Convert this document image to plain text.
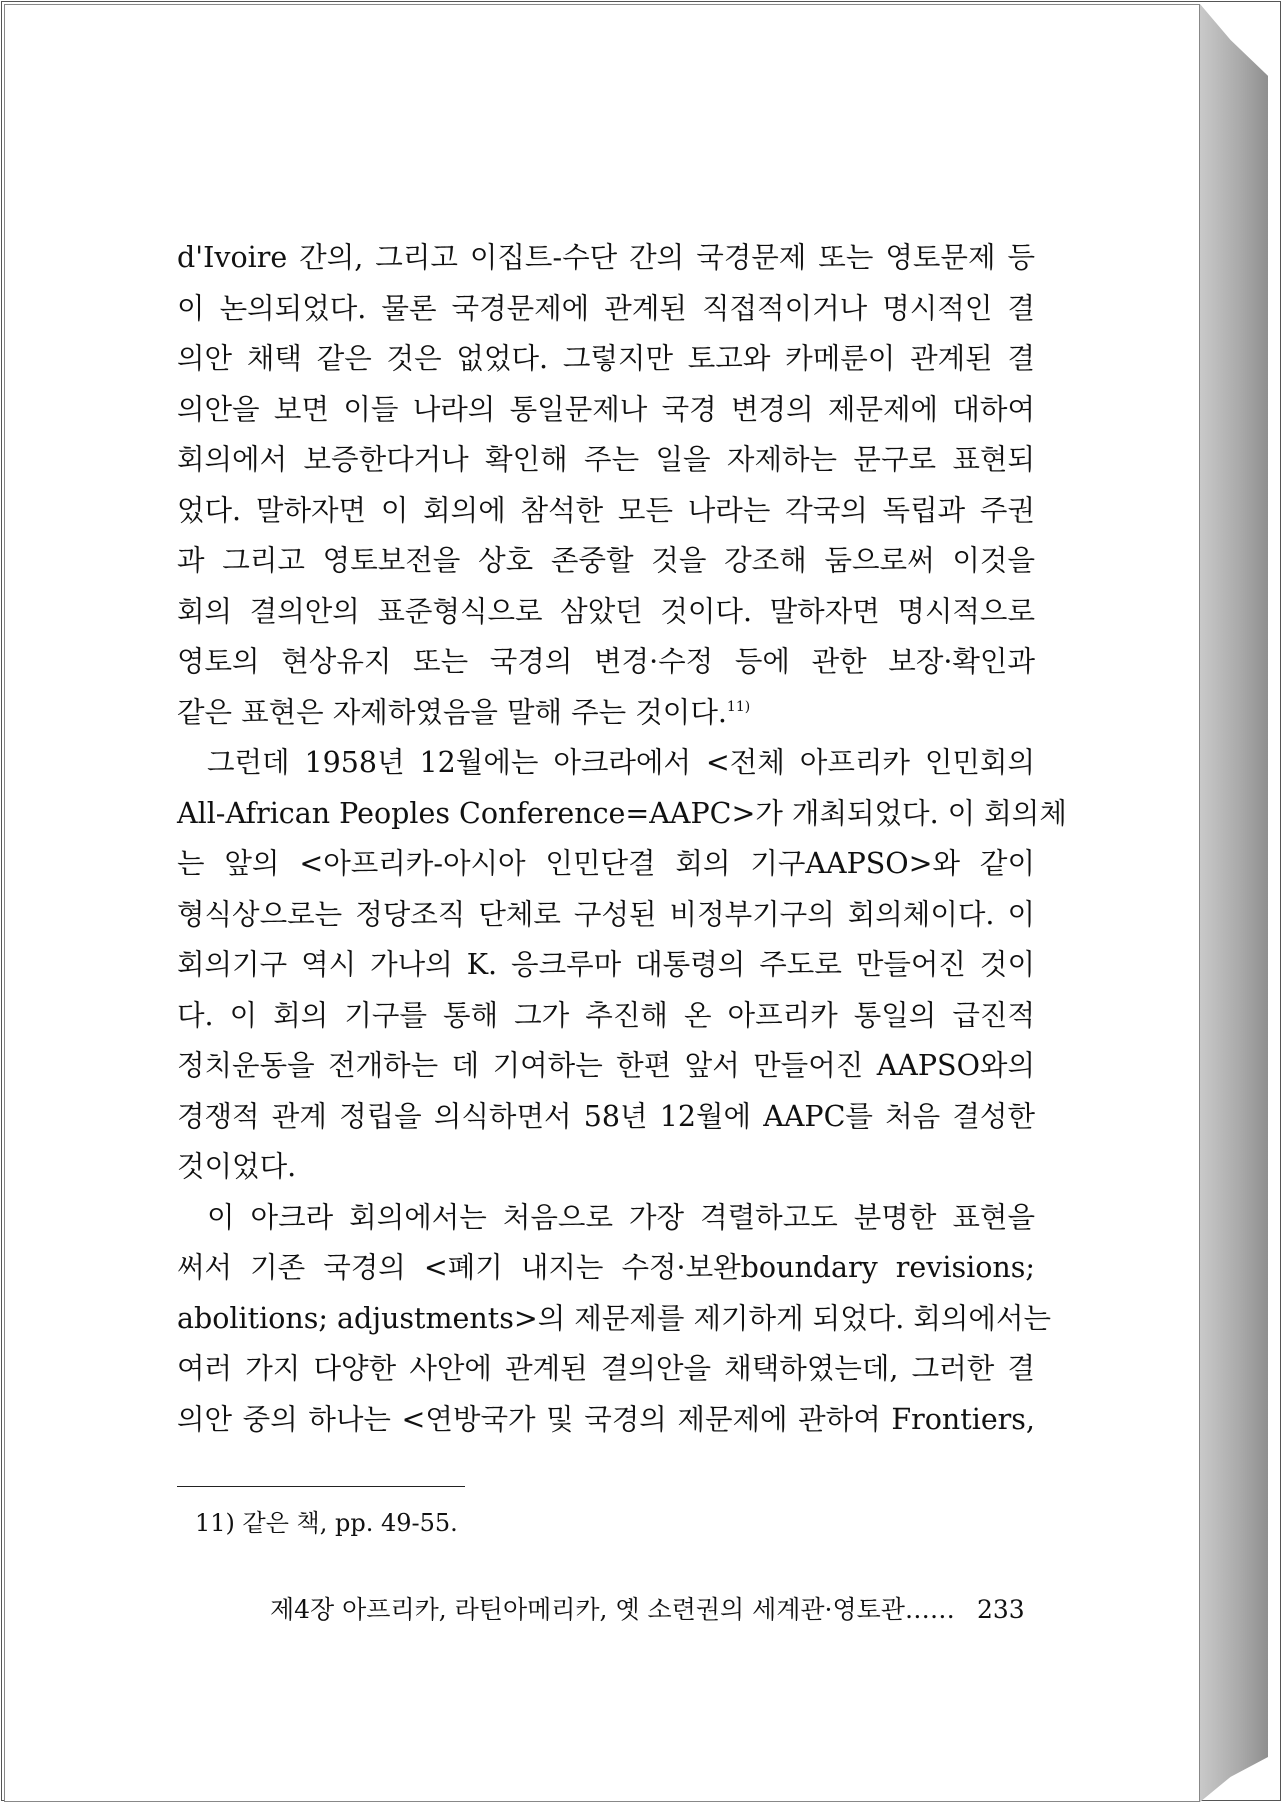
d'Ivoire 간의, 그리고 이집트-수단 간의 국경문제 또는 영토문제 등
이 논의되었다. 물론 국경문제에 관계된 직접적이거나 명시적인 결
의안 채택 같은 것은 없었다. 그렇지만 토고와 카메룬이 관계된 결
의안을 보면 이들 나라의 통일문제나 국경 변경의 제문제에 대하여
회의에서 보증한다거나 확인해 주는 일을 자제하는 문구로 표현되
었다. 말하자면 이 회의에 참석한 모든 나라는 각국의 독립과 주권
과 그리고 영토보전을 상호 존중할 것을 강조해 둠으로써 이것을
회의 결의안의 표준형식으로 삼았던 것이다. 말하자면 명시적으로
영토의 현상유지 또는 국경의 변경·수정 등에 관한 보장·확인과
같은 표현은 자제하였음을 말해 주는 것이다.$^{11)}$
그런데 1958년 12월에는 아크라에서 <전체 아프리카 인민회의
All-African Peoples Conference=AAPC>가 개최되었다. 이 회의체
는 앞의 <아프리카-아시아 인민단결 회의 기구AAPSO>와 같이
형식상으로는 정당조직 단체로 구성된 비정부기구의 회의체이다. 이
회의기구 역시 가나의 K. 응크루마 대통령의 주도로 만들어진 것이
다. 이 회의 기구를 통해 그가 추진해 온 아프리카 통일의 급진적
정치운동을 전개하는 데 기여하는 한편 앞서 만들어진 AAPSO와의
경쟁적 관계 정립을 의식하면서 58년 12월에 AAPC를 처음 결성한
것이었다.
이 아크라 회의에서는 처음으로 가장 격렬하고도 분명한 표현을
써서 기존 국경의 <폐기 내지는 수정·보완boundary revisions;
abolitions; adjustments>의 제문제를 제기하게 되었다. 회의에서는
여러 가지 다양한 사안에 관계된 결의안을 채택하였는데, 그러한 결
의안 중의 하나는 <연방국가 및 국경의 제문제에 관하여 Frontiers,
11) 같은 책, pp. 49-55.
제4장 아프리카, 라틴아메리카, 옛 소련권의 세계관·영토관…… 233
